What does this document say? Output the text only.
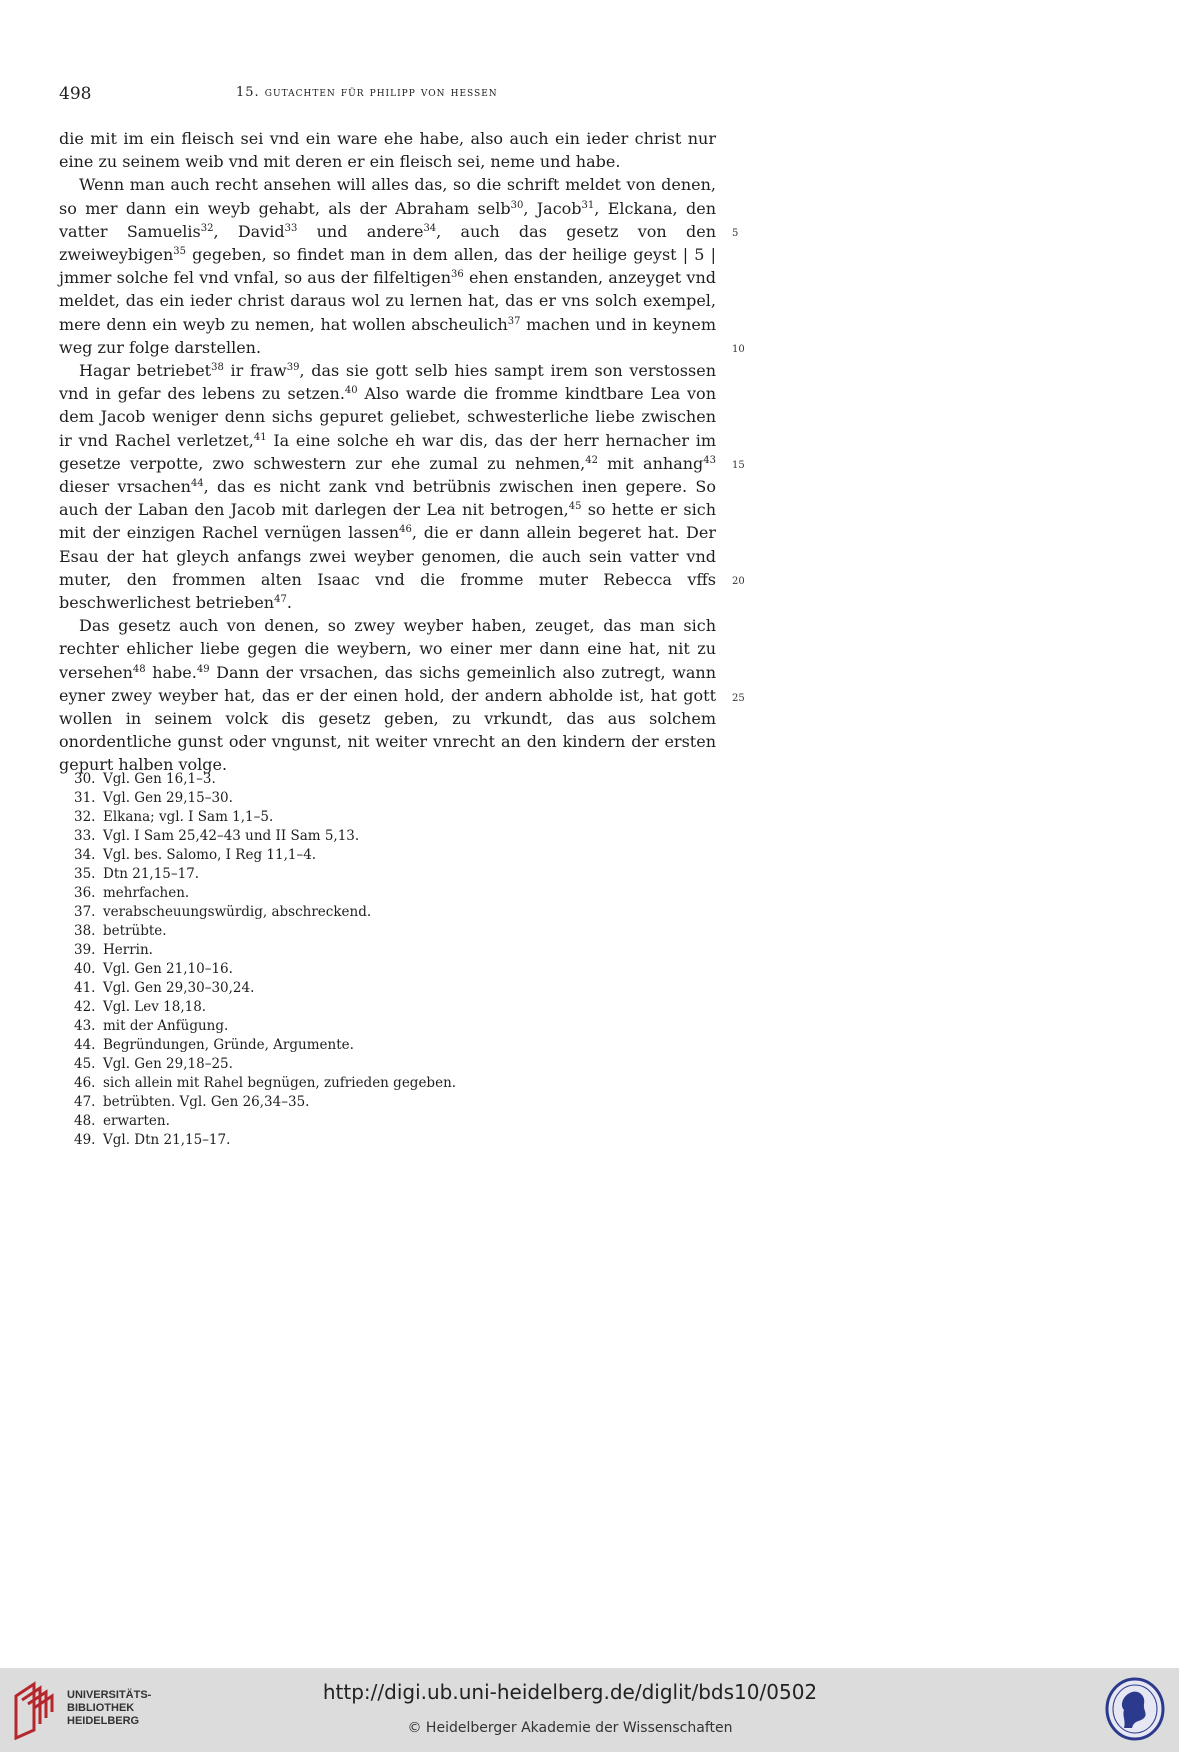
498	15. gutachten für philipp von hessen

die mit im ein fleisch sei vnd ein ware ehe habe, also auch ein ieder christ nur eine zu seinem weib vnd mit deren er ein fleisch sei, neme und habe.

Wenn man auch recht ansehen will alles das, so die schrift meldet von denen, so mer dann ein weyb gehabt, als der Abraham selb$^{30}$, Jacob$^{31}$, Elckana, den vatter Samuelis$^{32}$, David$^{33}$ und andere$^{34}$, auch das gesetz von den zweiweybigen$^{35}$ gegeben, so findet man in dem allen, das der heilige geyst | 5 | jmmer solche fel vnd vnfal, so aus der filfeltigen$^{36}$ ehen enstanden, anzeyget vnd meldet, das ein ieder christ daraus wol zu lernen hat, das er vns solch exempel, mere denn ein weyb zu nemen, hat wollen abscheulich$^{37}$ machen und in keynem weg zur folge darstellen.

Hagar betriebet$^{38}$ ir fraw$^{39}$, das sie gott selb hies sampt irem son verstossen vnd in gefar des lebens zu setzen.$^{40}$ Also warde die fromme kindtbare Lea von dem Jacob weniger denn sichs gepuret geliebet, schwesterliche liebe zwischen ir vnd Rachel verletzet,$^{41}$ Ia eine solche eh war dis, das der herr hernacher im gesetze verpotte, zwo schwestern zur ehe zumal zu nehmen,$^{42}$ mit anhang$^{43}$ dieser vrsachen$^{44}$, das es nicht zank vnd betrübnis zwischen inen gepere. So auch der Laban den Jacob mit darlegen der Lea nit betrogen,$^{45}$ so hette er sich mit der einzigen Rachel vernügen lassen$^{46}$, die er dann allein begeret hat. Der Esau der hat gleych anfangs zwei weyber genomen, die auch sein vatter vnd muter, den frommen alten Isaac vnd die fromme muter Rebecca vffs beschwerlichest betrieben$^{47}$.

Das gesetz auch von denen, so zwey weyber haben, zeuget, das man sich rechter ehlicher liebe gegen die weybern, wo einer mer dann eine hat, nit zu versehen$^{48}$ habe.$^{49}$ Dann der vrsachen, das sichs gemeinlich also zutregt, wann eyner zwey weyber hat, das er der einen hold, der andern abholde ist, hat gott wollen in seinem volck dis gesetz geben, zu vrkundt, das aus solchem onordentliche gunst oder vngunst, nit weiter vnrecht an den kindern der ersten gepurt halben volge.

5
10
15
20
25
30. Vgl. Gen 16,1–3.
31. Vgl. Gen 29,15–30.
32. Elkana; vgl. I Sam 1,1–5.
33. Vgl. I Sam 25,42–43 und II Sam 5,13.
34. Vgl. bes. Salomo, I Reg 11,1–4.
35. Dtn 21,15–17.
36. mehrfachen.
37. verabscheuungswürdig, abschreckend.
38. betrübte.
39. Herrin.
40. Vgl. Gen 21,10–16.
41. Vgl. Gen 29,30–30,24.
42. Vgl. Lev 18,18.
43. mit der Anfügung.
44. Begründungen, Gründe, Argumente.
45. Vgl. Gen 29,18–25.
46. sich allein mit Rahel begnügen, zufrieden gegeben.
47. betrübten. Vgl. Gen 26,34–35.
48. erwarten.
49. Vgl. Dtn 21,15–17.
UNIVERSITÄTS-
BIBLIOTHEK
HEIDELBERG
http://digi.ub.uni-heidelberg.de/diglit/bds10/0502
© Heidelberger Akademie der Wissenschaften
